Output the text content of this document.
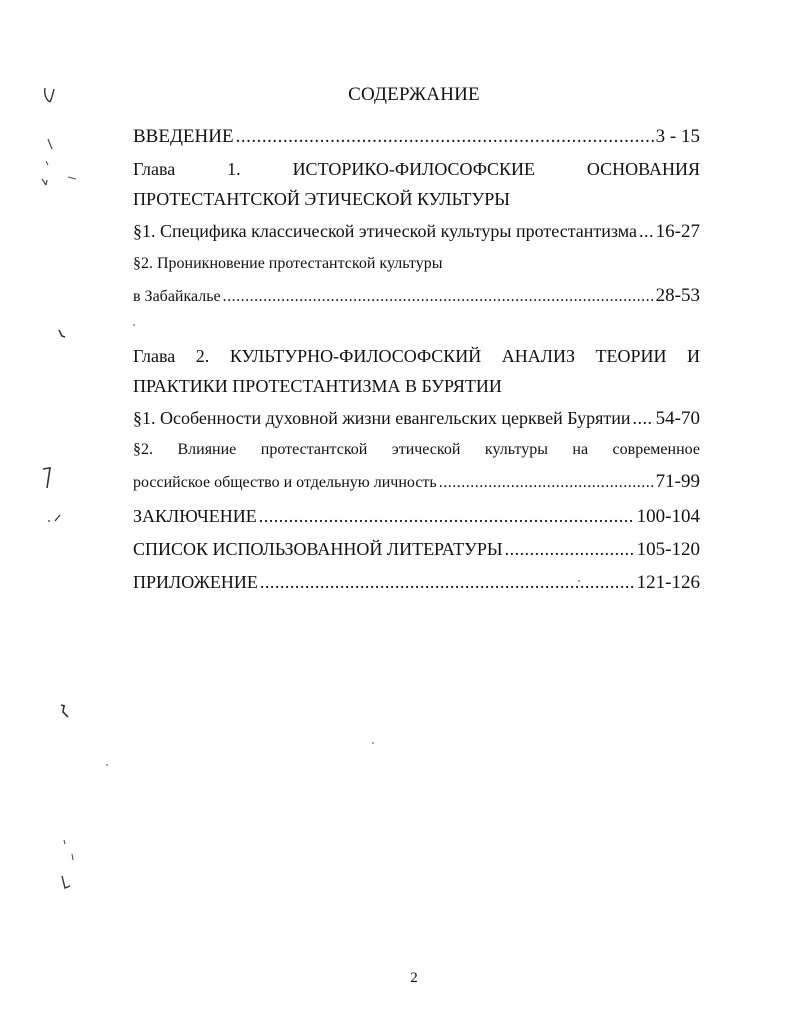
СОДЕРЖАНИЕ
ВВЕДЕНИЕ .....	3 - 15
Глава	1.	ИСТОРИКО-ФИЛОСОФСКИЕ	ОСНОВАНИЯ
ПРОТЕСТАНТСКОЙ ЭТИЧЕСКОЙ КУЛЬТУРЫ
§1. Специфика классической этической культуры протестантизма ..... 16-27
§2. Проникновение протестантской культуры
в Забайкалье .....	28-53
Глава 2. КУЛЬТУРНО-ФИЛОСОФСКИЙ АНАЛИЗ ТЕОРИИ И
ПРАКТИКИ ПРОТЕСТАНТИЗМА В БУРЯТИИ
§1. Особенности духовной жизни евангельских церквей Бурятии ..... 54-70
§2. Влияние протестантской этической культуры на современное
российское общество и отдельную личность .....	71-99
ЗАКЛЮЧЕНИЕ .....	100-104
СПИСОК ИСПОЛЬЗОВАННОЙ ЛИТЕРАТУРЫ .....	105-120
ПРИЛОЖЕНИЕ .....	121-126
2
